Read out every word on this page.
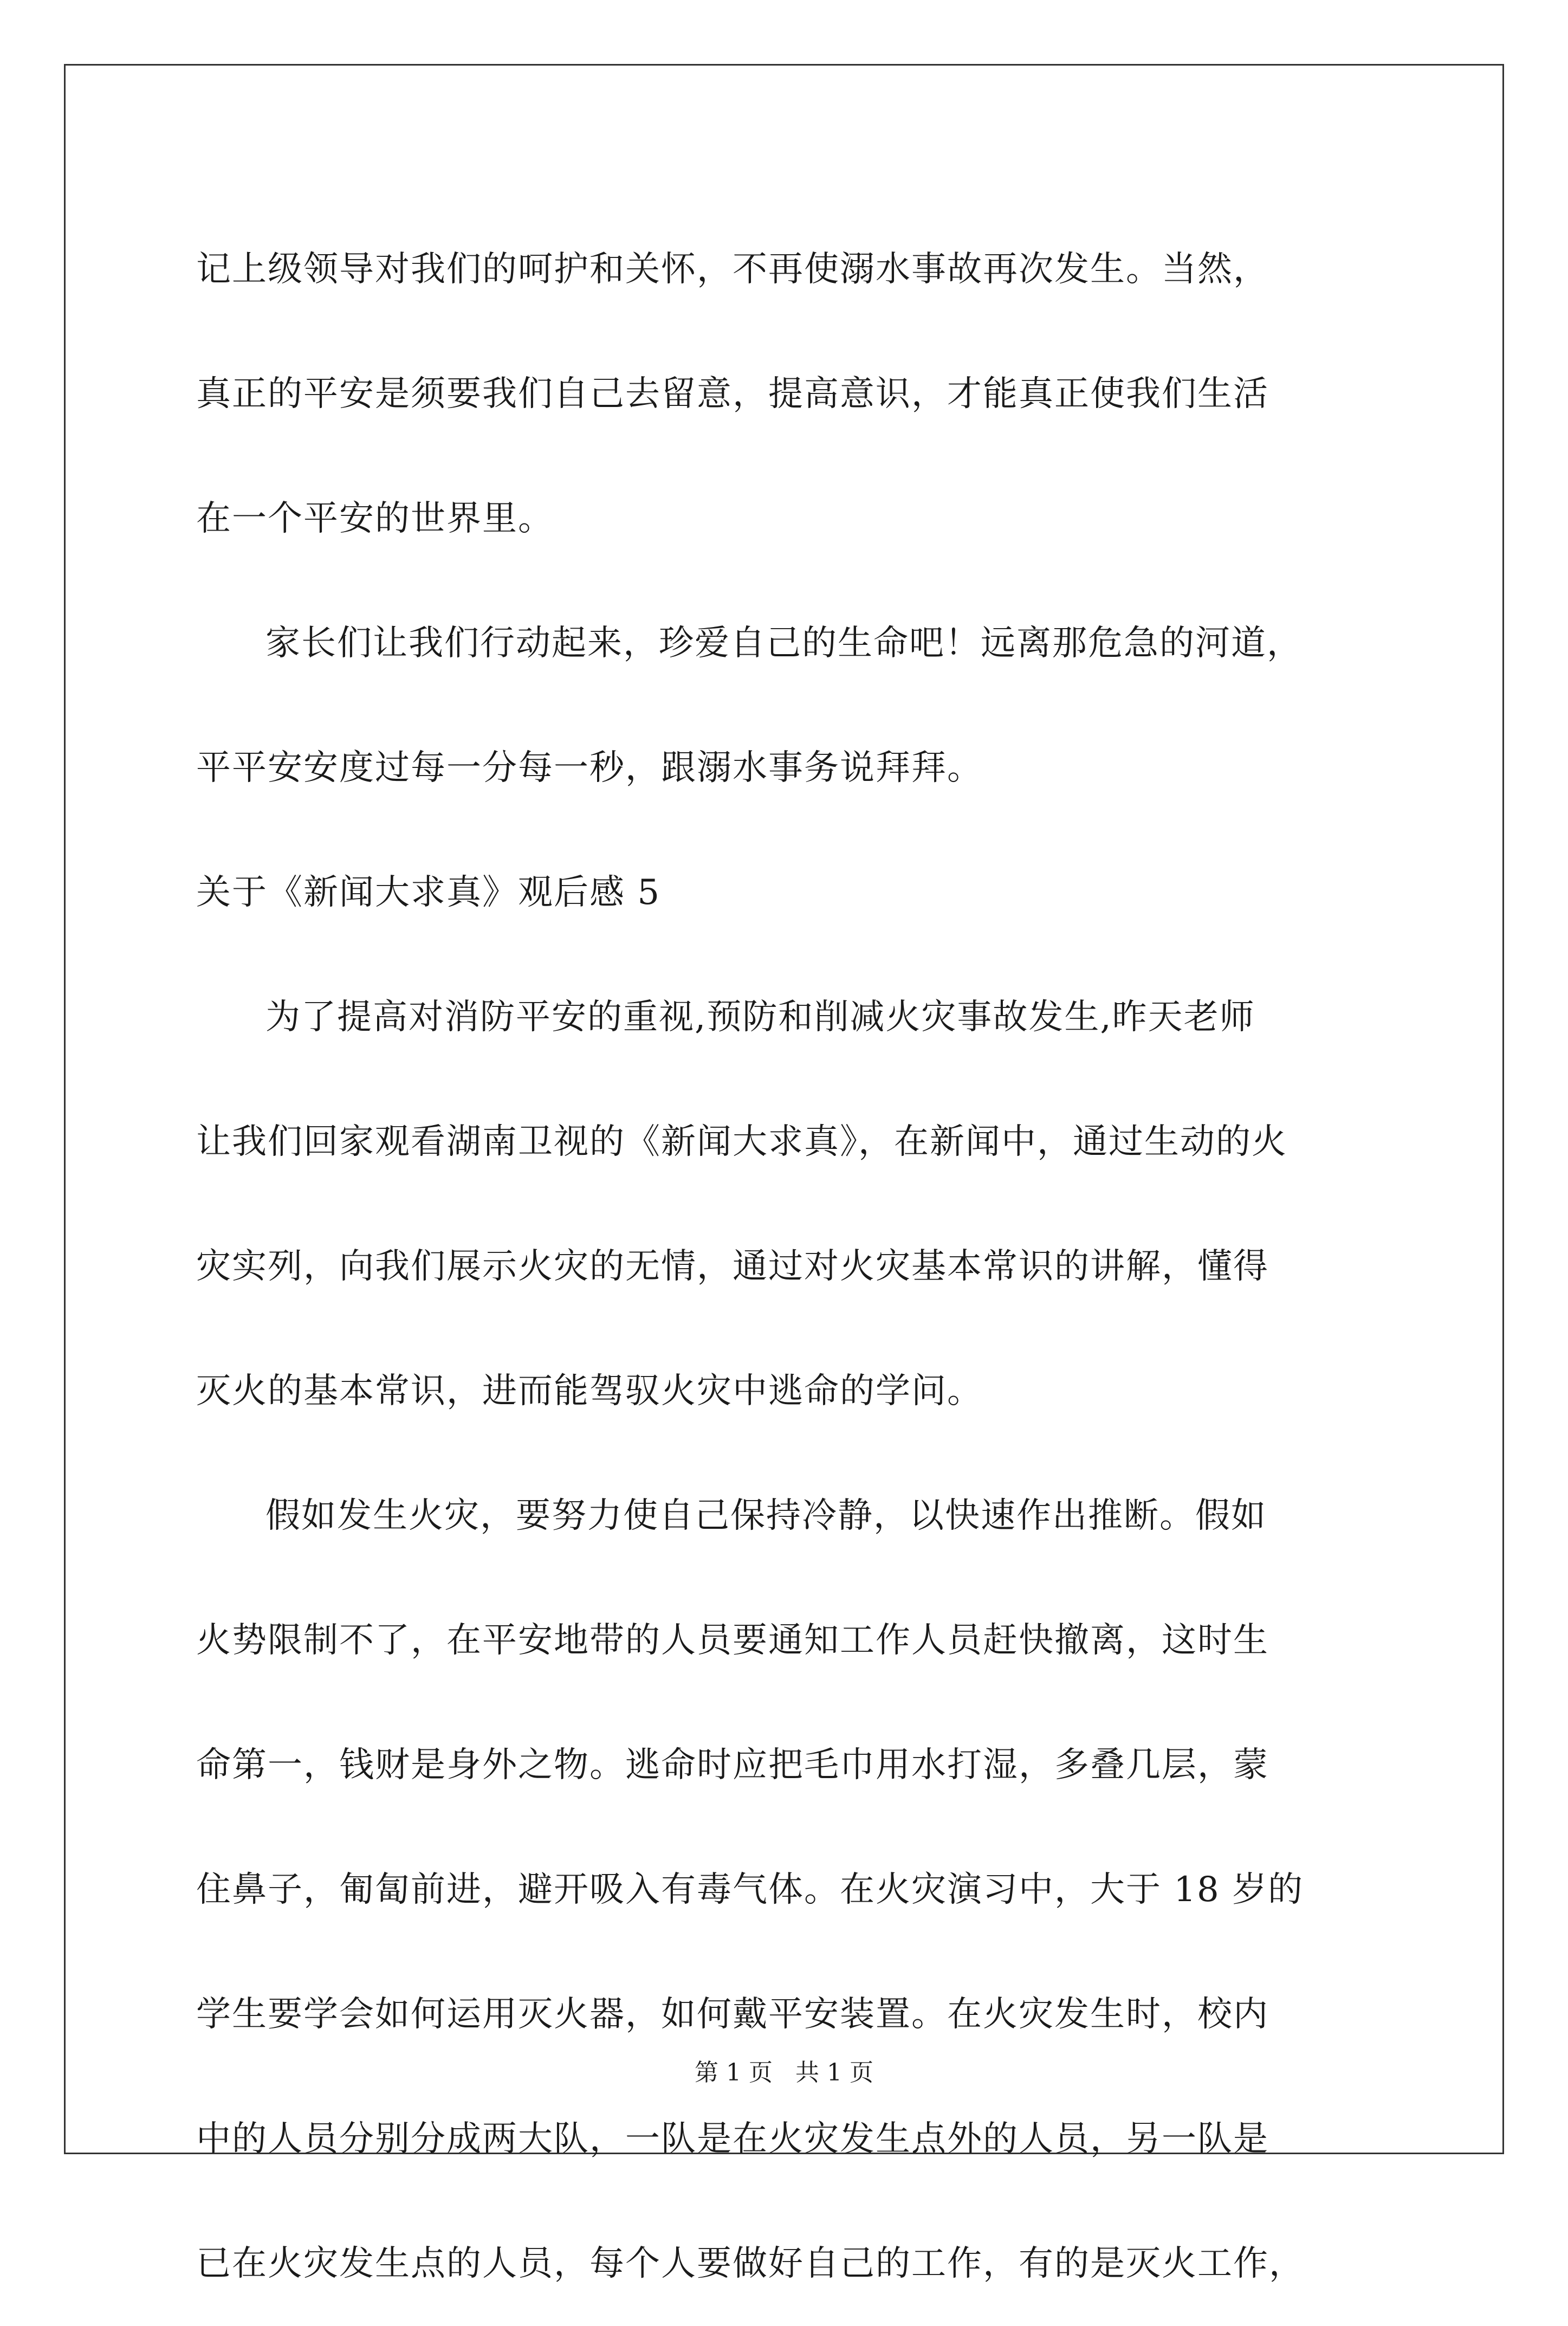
记上级领导对我们的呵护和关怀，不再使溺水事故再次发生。当然，
真正的平安是须要我们自己去留意，提高意识，才能真正使我们生活
在一个平安的世界里。
家长们让我们行动起来，珍爱自己的生命吧！远离那危急的河道，
平平安安度过每一分每一秒，跟溺水事务说拜拜。
关于《新闻大求真》观后感 5
为了提高对消防平安的重视,预防和削减火灾事故发生,昨天老师
让我们回家观看湖南卫视的《新闻大求真》，在新闻中，通过生动的火
灾实列，向我们展示火灾的无情，通过对火灾基本常识的讲解，懂得
灭火的基本常识，进而能驾驭火灾中逃命的学问。
假如发生火灾，要努力使自己保持冷静，以快速作出推断。假如
火势限制不了，在平安地带的人员要通知工作人员赶快撤离，这时生
命第一，钱财是身外之物。逃命时应把毛巾用水打湿，多叠几层，蒙
住鼻子，匍匐前进，避开吸入有毒气体。在火灾演习中，大于 18 岁的
学生要学会如何运用灭火器，如何戴平安装置。在火灾发生时，校内
中的人员分别分成两大队，一队是在火灾发生点外的人员，另一队是
已在火灾发生点的人员，每个人要做好自己的工作，有的是灭火工作，
第 1 页 共 1 页
